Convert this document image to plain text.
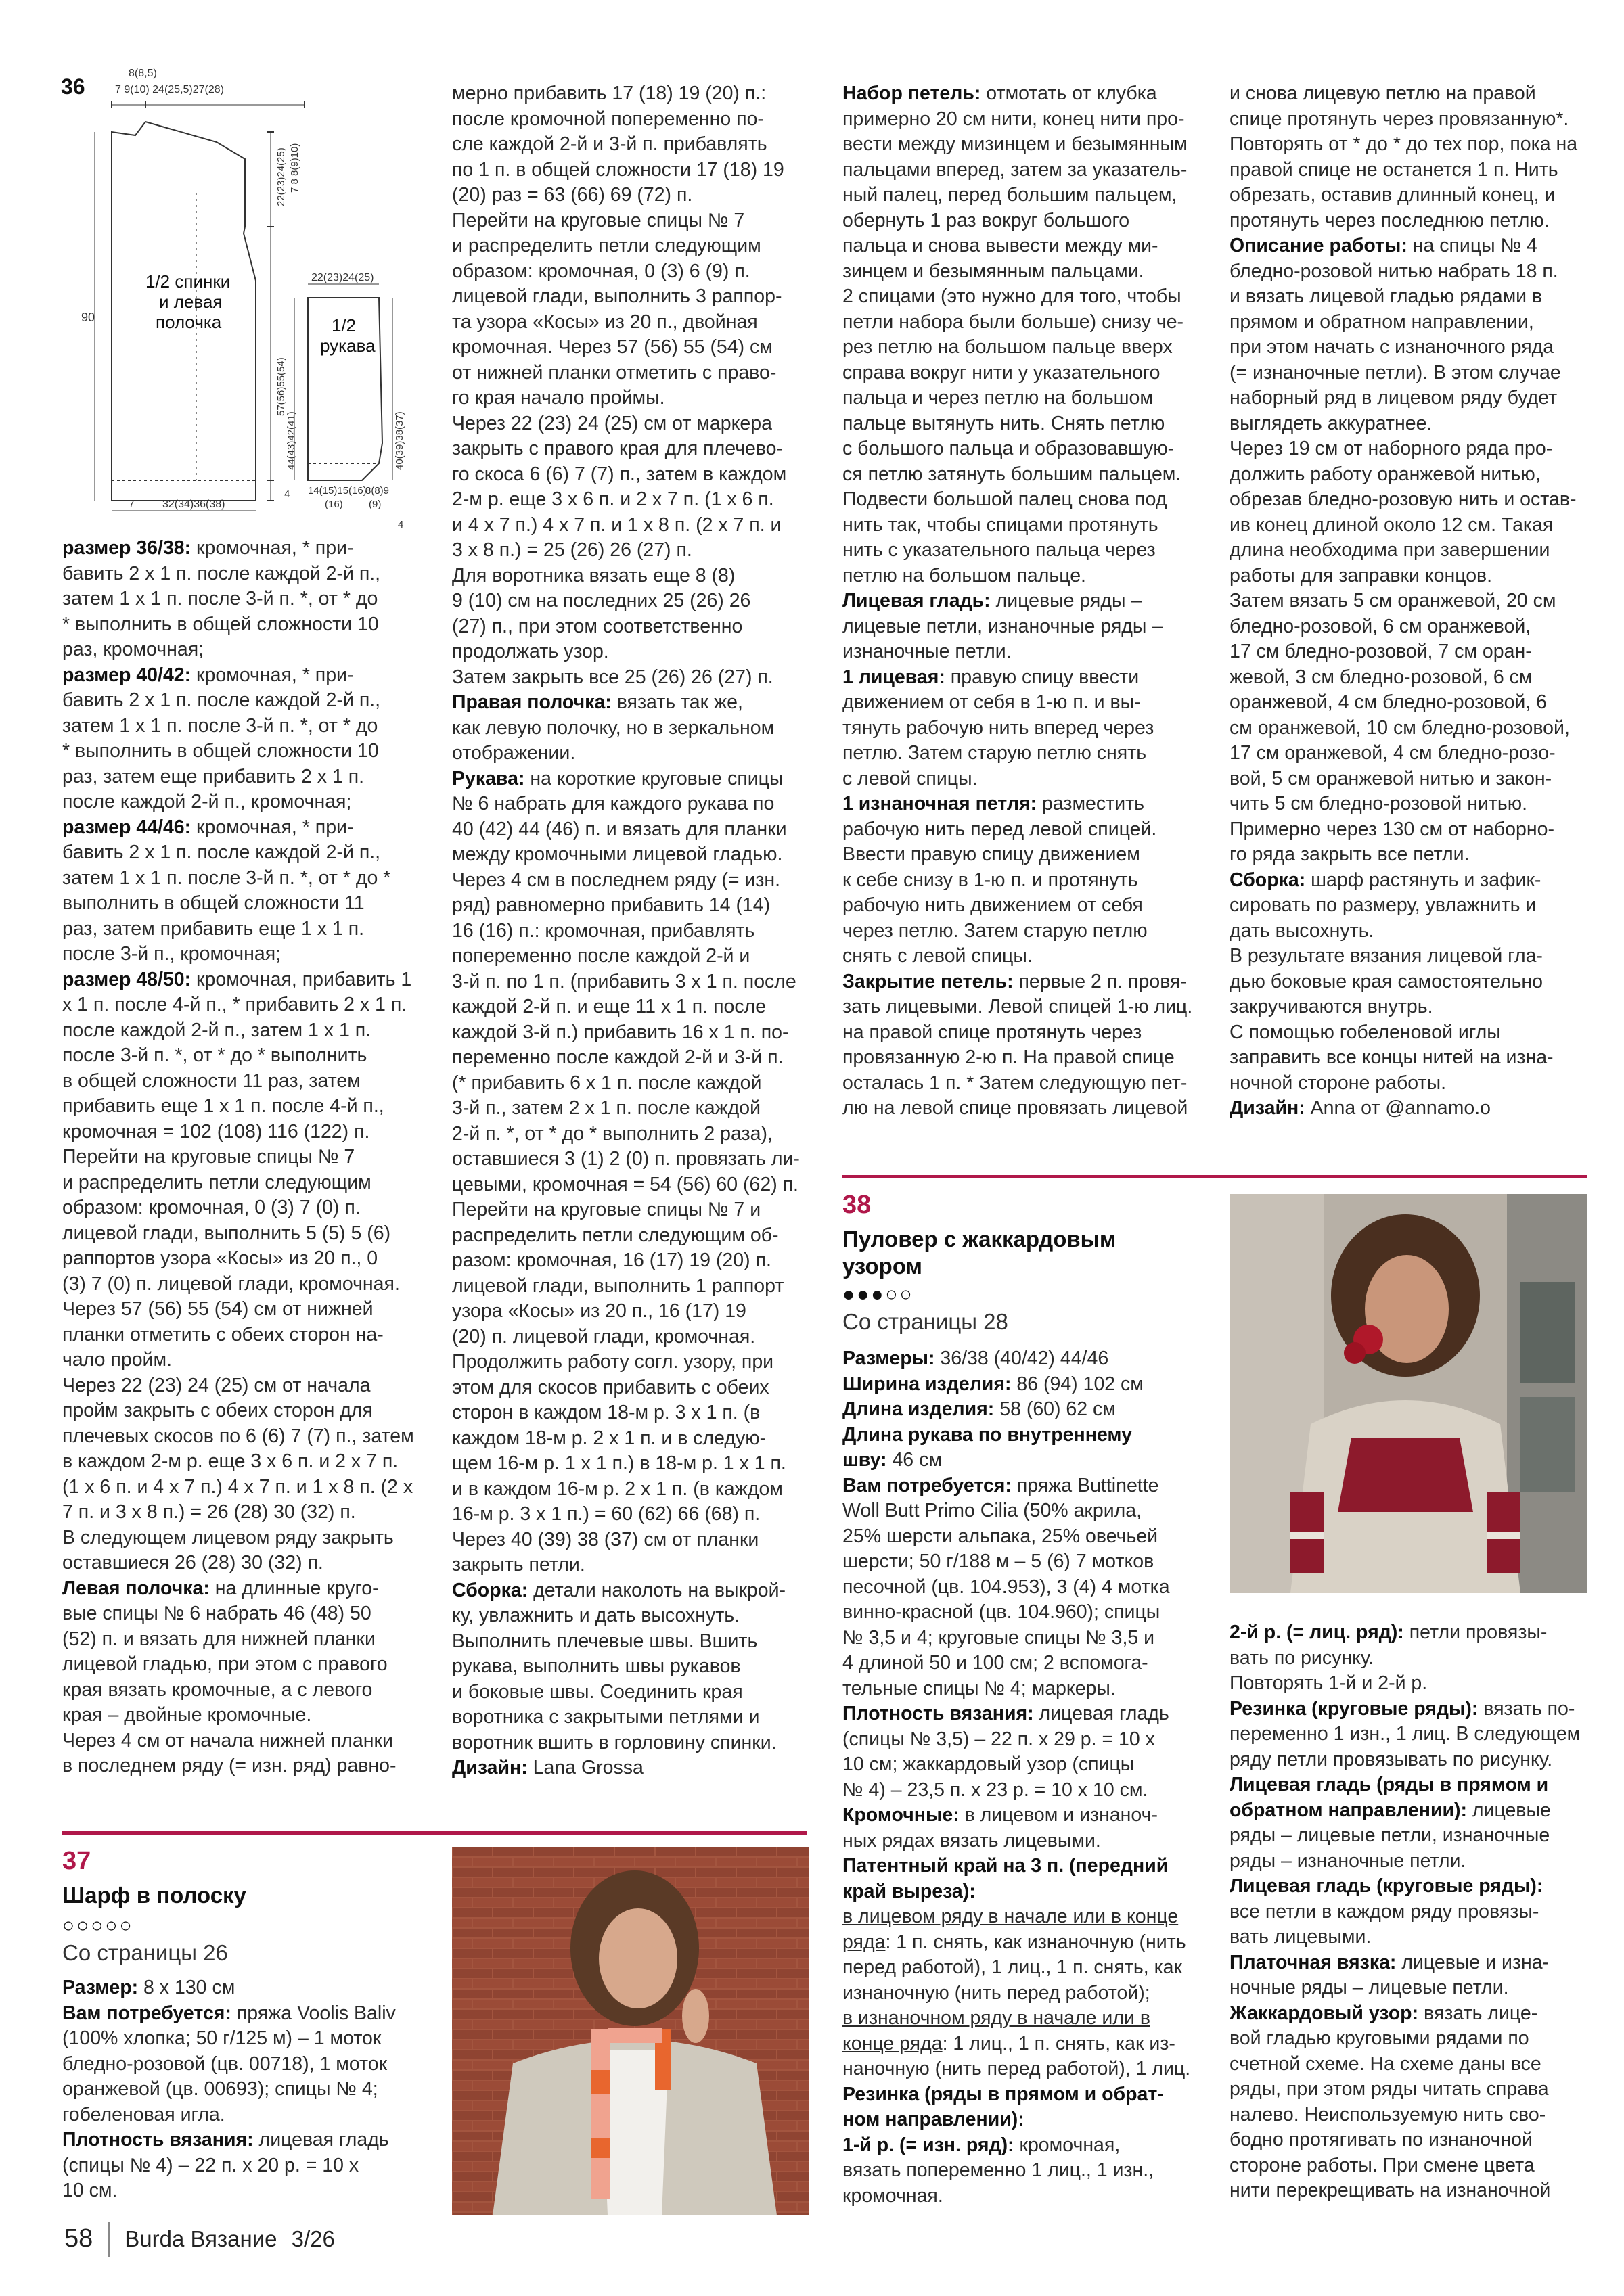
36
8(8,5)
7 9(10) 24(25,5)27(28)
90
1/2 спинки
и левая
полочка
22(23)24(25)
57(56)55(54)
7	32(34)36(38)
22(23)24(25)
1/2
рукава
44(43)42(41)	40(39)38(37)
14(15)15(16)
8(8)9
(16)	(9)
7 8 8(9)10)
4
4
размер 36/38: кромочная, * при-
бавить 2 х 1 п. после каждой 2-й п.,
затем 1 х 1 п. после 3-й п. *, от * до
* выполнить в общей сложности 10
раз, кромочная;
размер 40/42: кромочная, * при-
бавить 2 х 1 п. после каждой 2-й п.,
затем 1 х 1 п. после 3-й п. *, от * до
* выполнить в общей сложности 10
раз, затем еще прибавить 2 х 1 п.
после каждой 2-й п., кромочная;
размер 44/46: кромочная, * при-
бавить 2 х 1 п. после каждой 2-й п.,
затем 1 х 1 п. после 3-й п. *, от * до *
выполнить в общей сложности 11
раз, затем прибавить еще 1 х 1 п.
после 3-й п., кромочная;
размер 48/50: кромочная, прибавить 1
х 1 п. после 4-й п., * прибавить 2 х 1 п.
после каждой 2-й п., затем 1 х 1 п.
после 3-й п. *, от * до * выполнить
в общей сложности 11 раз, затем
прибавить еще 1 х 1 п. после 4-й п.,
кромочная = 102 (108) 116 (122) п.
Перейти на круговые спицы № 7
и распределить петли следующим
образом: кромочная, 0 (3) 7 (0) п.
лицевой глади, выполнить 5 (5) 5 (6)
раппортов узора «Косы» из 20 п., 0
(3) 7 (0) п. лицевой глади, кромочная.
Через 57 (56) 55 (54) см от нижней
планки отметить с обеих сторон на-
чало пройм.
Через 22 (23) 24 (25) см от начала
пройм закрыть с обеих сторон для
плечевых скосов по 6 (6) 7 (7) п., затем
в каждом 2-м р. еще 3 х 6 п. и 2 х 7 п.
(1 х 6 п. и 4 х 7 п.) 4 х 7 п. и 1 х 8 п. (2 х
7 п. и 3 х 8 п.) = 26 (28) 30 (32) п.
В следующем лицевом ряду закрыть
оставшиеся 26 (28) 30 (32) п.
Левая полочка: на длинные круго-
вые спицы № 6 набрать 46 (48) 50
(52) п. и вязать для нижней планки
лицевой гладью, при этом с правого
края вязать кромочные, а с левого
края – двойные кромочные.
Через 4 см от начала нижней планки
в последнем ряду (= изн. ряд) равно-
мерно прибавить 17 (18) 19 (20) п.:
после кромочной попеременно по-
сле каждой 2-й и 3-й п. прибавлять
по 1 п. в общей сложности 17 (18) 19
(20) раз = 63 (66) 69 (72) п.
Перейти на круговые спицы № 7
и распределить петли следующим
образом: кромочная, 0 (3) 6 (9) п.
лицевой глади, выполнить 3 раппор-
та узора «Косы» из 20 п., двойная
кромочная. Через 57 (56) 55 (54) см
от нижней планки отметить с право-
го края начало проймы.
Через 22 (23) 24 (25) см от маркера
закрыть с правого края для плечево-
го скоса 6 (6) 7 (7) п., затем в каждом
2-м р. еще 3 х 6 п. и 2 х 7 п. (1 х 6 п.
и 4 х 7 п.) 4 х 7 п. и 1 х 8 п. (2 х 7 п. и
3 х 8 п.) = 25 (26) 26 (27) п.
Для воротника вязать еще 8 (8)
9 (10) см на последних 25 (26) 26
(27) п., при этом соответственно
продолжать узор.
Затем закрыть все 25 (26) 26 (27) п.
Правая полочка: вязать так же,
как левую полочку, но в зеркальном
отображении.
Рукава: на короткие круговые спицы
№ 6 набрать для каждого рукава по
40 (42) 44 (46) п. и вязать для планки
между кромочными лицевой гладью.
Через 4 см в последнем ряду (= изн.
ряд) равномерно прибавить 14 (14)
16 (16) п.: кромочная, прибавлять
попеременно после каждой 2-й и
3-й п. по 1 п. (прибавить 3 х 1 п. после
каждой 2-й п. и еще 11 х 1 п. после
каждой 3-й п.) прибавить 16 х 1 п. по-
переменно после каждой 2-й и 3-й п.
(* прибавить 6 х 1 п. после каждой
3-й п., затем 2 х 1 п. после каждой
2-й п. *, от * до * выполнить 2 раза),
оставшиеся 3 (1) 2 (0) п. провязать ли-
цевыми, кромочная = 54 (56) 60 (62) п.
Перейти на круговые спицы № 7 и
распределить петли следующим об-
разом: кромочная, 16 (17) 19 (20) п.
лицевой глади, выполнить 1 раппорт
узора «Косы» из 20 п., 16 (17) 19
(20) п. лицевой глади, кромочная.
Продолжить работу согл. узору, при
этом для скосов прибавить с обеих
сторон в каждом 18-м р. 3 х 1 п. (в
каждом 18-м р. 2 х 1 п. и в следую-
щем 16-м р. 1 х 1 п.) в 18-м р. 1 х 1 п.
и в каждом 16-м р. 2 х 1 п. (в каждом
16-м р. 3 х 1 п.) = 60 (62) 66 (68) п.
Через 40 (39) 38 (37) см от планки
закрыть петли.
Сборка: детали наколоть на выкрой-
ку, увлажнить и дать высохнуть.
Выполнить плечевые швы. Вшить
рукава, выполнить швы рукавов
и боковые швы. Соединить края
воротника с закрытыми петлями и
воротник вшить в горловину спинки.
Дизайн: Lana Grossa
Набор петель: отмотать от клубка
примерно 20 см нити, конец нити про-
вести между мизинцем и безымянным
пальцами вперед, затем за указатель-
ный палец, перед большим пальцем,
обернуть 1 раз вокруг большого
пальца и снова вывести между ми-
зинцем и безымянным пальцами.
2 спицами (это нужно для того, чтобы
петли набора были больше) снизу че-
рез петлю на большом пальце вверх
справа вокруг нити у указательного
пальца и через петлю на большом
пальце вытянуть нить. Снять петлю
с большого пальца и образовавшую-
ся петлю затянуть большим пальцем.
Подвести большой палец снова под
нить так, чтобы спицами протянуть
нить с указательного пальца через
петлю на большом пальце.
Лицевая гладь: лицевые ряды –
лицевые петли, изнаночные ряды –
изнаночные петли.
1 лицевая: правую спицу ввести
движением от себя в 1-ю п. и вы-
тянуть рабочую нить вперед через
петлю. Затем старую петлю снять
с левой спицы.
1 изнаночная петля: разместить
рабочую нить перед левой спицей.
Ввести правую спицу движением
к себе снизу в 1-ю п. и протянуть
рабочую нить движением от себя
через петлю. Затем старую петлю
снять с левой спицы.
Закрытие петель: первые 2 п. провя-
зать лицевыми. Левой спицей 1-ю лиц.
на правой спице протянуть через
провязанную 2-ю п. На правой спице
осталась 1 п. * Затем следующую пет-
лю на левой спице провязать лицевой
и снова лицевую петлю на правой
спице протянуть через провязанную*.
Повторять от * до * до тех пор, пока на
правой спице не останется 1 п. Нить
обрезать, оставив длинный конец, и
протянуть через последнюю петлю.
Описание работы: на спицы № 4
бледно-розовой нитью набрать 18 п.
и вязать лицевой гладью рядами в
прямом и обратном направлении,
при этом начать с изнаночного ряда
(= изнаночные петли). В этом случае
наборный ряд в лицевом ряду будет
выглядеть аккуратнее.
Через 19 см от наборного ряда про-
должить работу оранжевой нитью,
обрезав бледно-розовую нить и остав-
ив конец длиной около 12 см. Такая
длина необходима при завершении
работы для заправки концов.
Затем вязать 5 см оранжевой, 20 см
бледно-розовой, 6 см оранжевой,
17 см бледно-розовой, 7 см оран-
жевой, 3 см бледно-розовой, 6 см
оранжевой, 4 см бледно-розовой, 6
см оранжевой, 10 см бледно-розовой,
17 см оранжевой, 4 см бледно-розо-
вой, 5 см оранжевой нитью и закон-
чить 5 см бледно-розовой нитью.
Примерно через 130 см от наборно-
го ряда закрыть все петли.
Сборка: шарф растянуть и зафик-
сировать по размеру, увлажнить и
дать высохнуть.
В результате вязания лицевой гла-
дью боковые края самостоятельно
закручиваются внутрь.
С помощью гобеленовой иглы
заправить все концы нитей на изна-
ночной стороне работы.
Дизайн: Anna от @annamo.o
38
Пуловер с жаккардовым
узором
●●●○○
Со страницы 28
Размеры: 36/38 (40/42) 44/46
Ширина изделия: 86 (94) 102 см
Длина изделия: 58 (60) 62 см
Длина рукава по внутреннему
шву: 46 см
Вам потребуется: пряжа Buttinette
Woll Butt Primo Cilia (50% акрила,
25% шерсти альпака, 25% овечьей
шерсти; 50 г/188 м – 5 (6) 7 мотков
песочной (цв. 104.953), 3 (4) 4 мотка
винно-красной (цв. 104.960); спицы
№ 3,5 и 4; круговые спицы № 3,5 и
4 длиной 50 и 100 см; 2 вспомога-
тельные спицы № 4; маркеры.
Плотность вязания: лицевая гладь
(спицы № 3,5) – 22 п. х 29 р. = 10 х
10 см; жаккардовый узор (спицы
№ 4) – 23,5 п. х 23 р. = 10 х 10 см.
Кромочные: в лицевом и изнаноч-
ных рядах вязать лицевыми.
Патентный край на 3 п. (передний
край выреза):
в лицевом ряду в начале или в конце
ряда: 1 п. снять, как изнаночную (нить
перед работой), 1 лиц., 1 п. снять, как
изнаночную (нить перед работой);
в изнаночном ряду в начале или в
конце ряда: 1 лиц., 1 п. снять, как из-
наночную (нить перед работой), 1 лиц.
Резинка (ряды в прямом и обрат-
ном направлении):
1-й р. (= изн. ряд): кромочная,
вязать попеременно 1 лиц., 1 изн.,
кромочная.
2-й р. (= лиц. ряд): петли провязы-
вать по рисунку.
Повторять 1-й и 2-й р.
Резинка (круговые ряды): вязать по-
переменно 1 изн., 1 лиц. В следующем
ряду петли провязывать по рисунку.
Лицевая гладь (ряды в прямом и
обратном направлении): лицевые
ряды – лицевые петли, изнаночные
ряды – изнаночные петли.
Лицевая гладь (круговые ряды):
все петли в каждом ряду провязы-
вать лицевыми.
Платочная вязка: лицевые и изна-
ночные ряды – лицевые петли.
Жаккардовый узор: вязать лице-
вой гладью круговыми рядами по
счетной схеме. На схеме даны все
ряды, при этом ряды читать справа
налево. Неиспользуемую нить сво-
бодно протягивать по изнаночной
стороне работы. При смене цвета
нити перекрещивать на изнаночной
37
Шарф в полоску
○○○○○
Со страницы 26
Размер: 8 х 130 см
Вам потребуется: пряжа Voolis Baliv
(100% хлопка; 50 г/125 м) – 1 моток
бледно-розовой (цв. 00718), 1 моток
оранжевой (цв. 00693); спицы № 4;
гобеленовая игла.
Плотность вязания: лицевая гладь
(спицы № 4) – 22 п. х 20 р. = 10 х
10 см.
58 Burda Вязание 3/26
